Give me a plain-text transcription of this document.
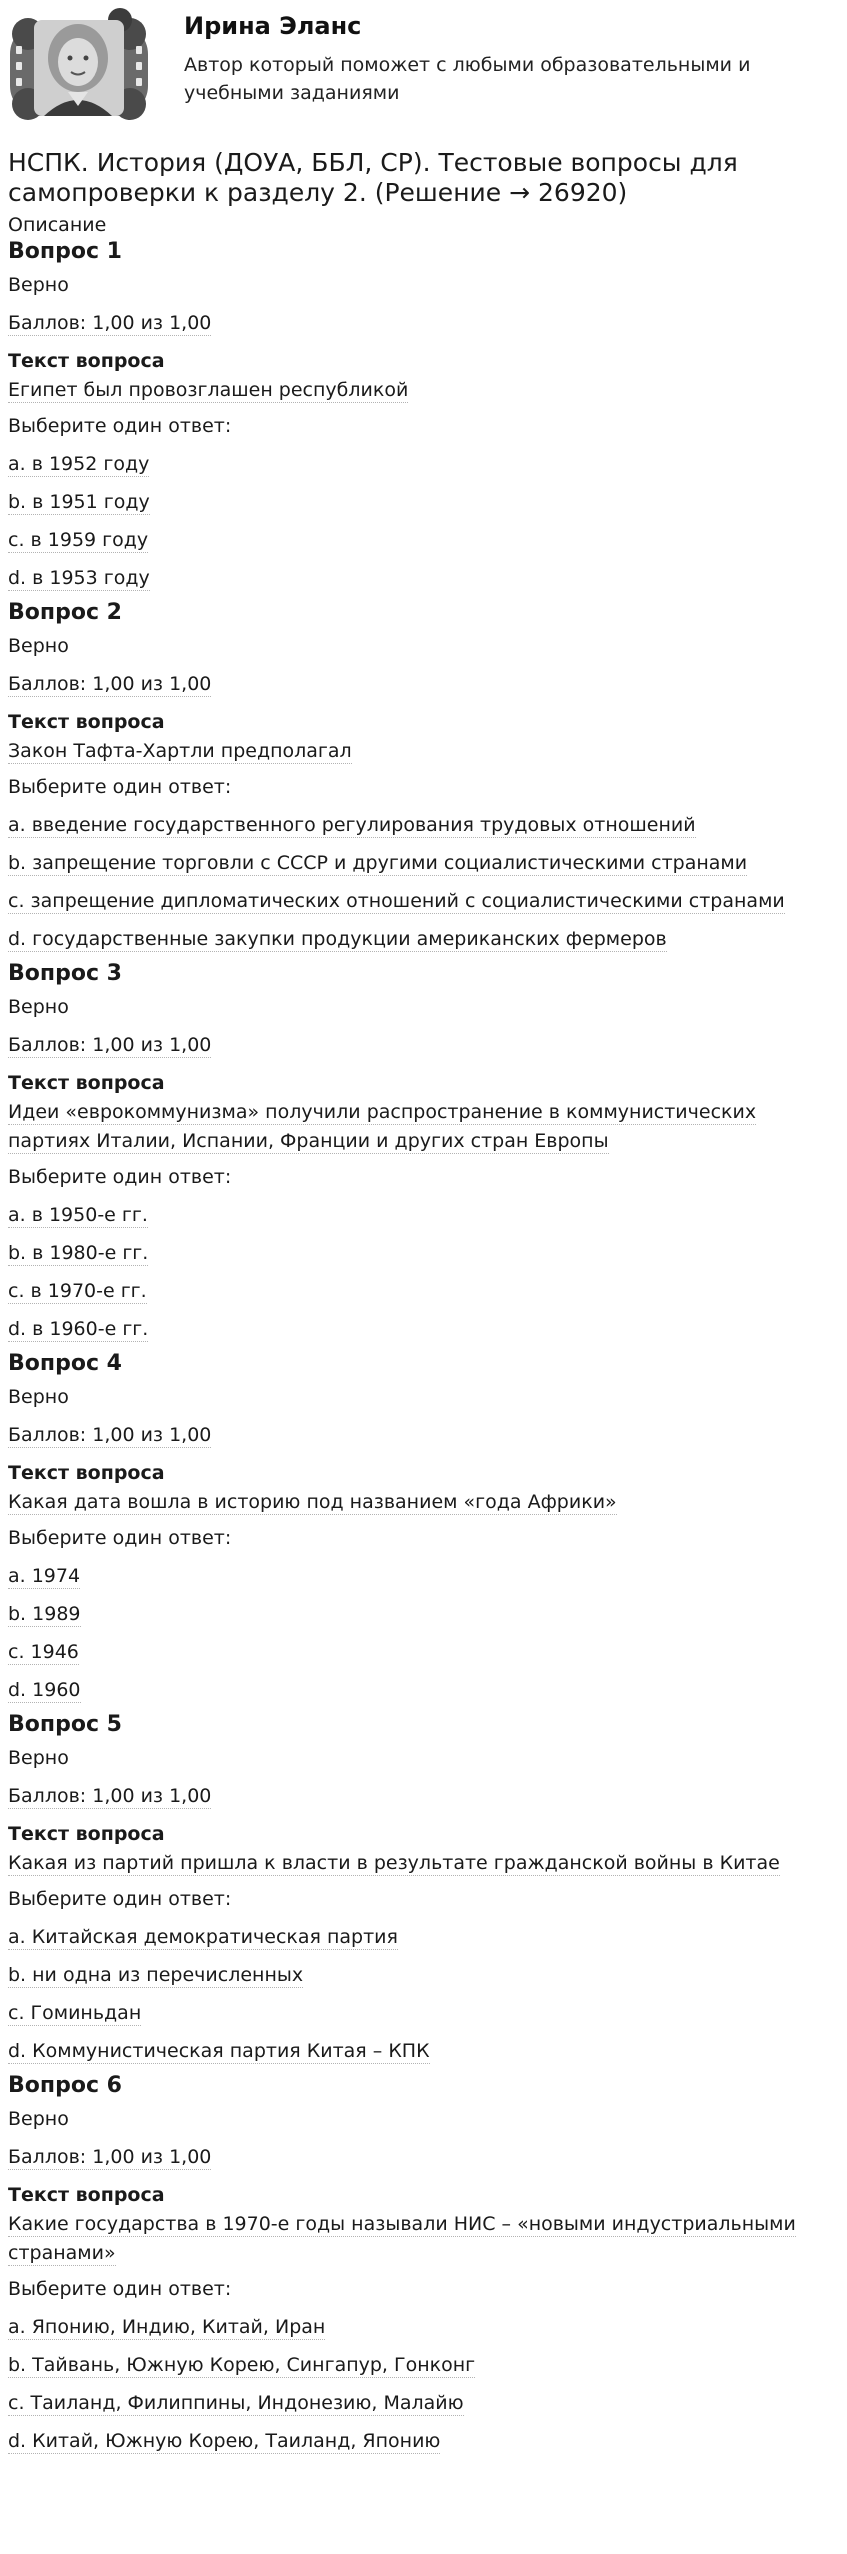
Ирина Эланс
Автор который поможет с любыми образовательными и учебными заданиями
НСПК. История (ДОУА, ББЛ, СР). Тестовые вопросы для самопроверки к разделу 2. (Решение → 26920)
Описание
Вопрос 1
Верно
Баллов: 1,00 из 1,00
Текст вопроса
Египет был провозглашен республикой
Выберите один ответ:
a. в 1952 году
b. в 1951 году
c. в 1959 году
d. в 1953 году
Вопрос 2
Верно
Баллов: 1,00 из 1,00
Текст вопроса
Закон Тафта-Хартли предполагал
Выберите один ответ:
a. введение государственного регулирования трудовых отношений
b. запрещение торговли с СССР и другими социалистическими странами
c. запрещение дипломатических отношений с социалистическими странами
d. государственные закупки продукции американских фермеров
Вопрос 3
Верно
Баллов: 1,00 из 1,00
Текст вопроса
Идеи «еврокоммунизма» получили распространение в коммунистических партиях Италии, Испании, Франции и других стран Европы
Выберите один ответ:
a. в 1950-е гг.
b. в 1980-е гг.
c. в 1970-е гг.
d. в 1960-е гг.
Вопрос 4
Верно
Баллов: 1,00 из 1,00
Текст вопроса
Какая дата вошла в историю под названием «года Африки»
Выберите один ответ:
a. 1974
b. 1989
c. 1946
d. 1960
Вопрос 5
Верно
Баллов: 1,00 из 1,00
Текст вопроса
Какая из партий пришла к власти в результате гражданской войны в Китае
Выберите один ответ:
a. Китайская демократическая партия
b. ни одна из перечисленных
c. Гоминьдан
d. Коммунистическая партия Китая – КПК
Вопрос 6
Верно
Баллов: 1,00 из 1,00
Текст вопроса
Какие государства в 1970-е годы называли НИС – «новыми индустриальными странами»
Выберите один ответ:
a. Японию, Индию, Китай, Иран
b. Тайвань, Южную Корею, Сингапур, Гонконг
c. Таиланд, Филиппины, Индонезию, Малайю
d. Китай, Южную Корею, Таиланд, Японию
